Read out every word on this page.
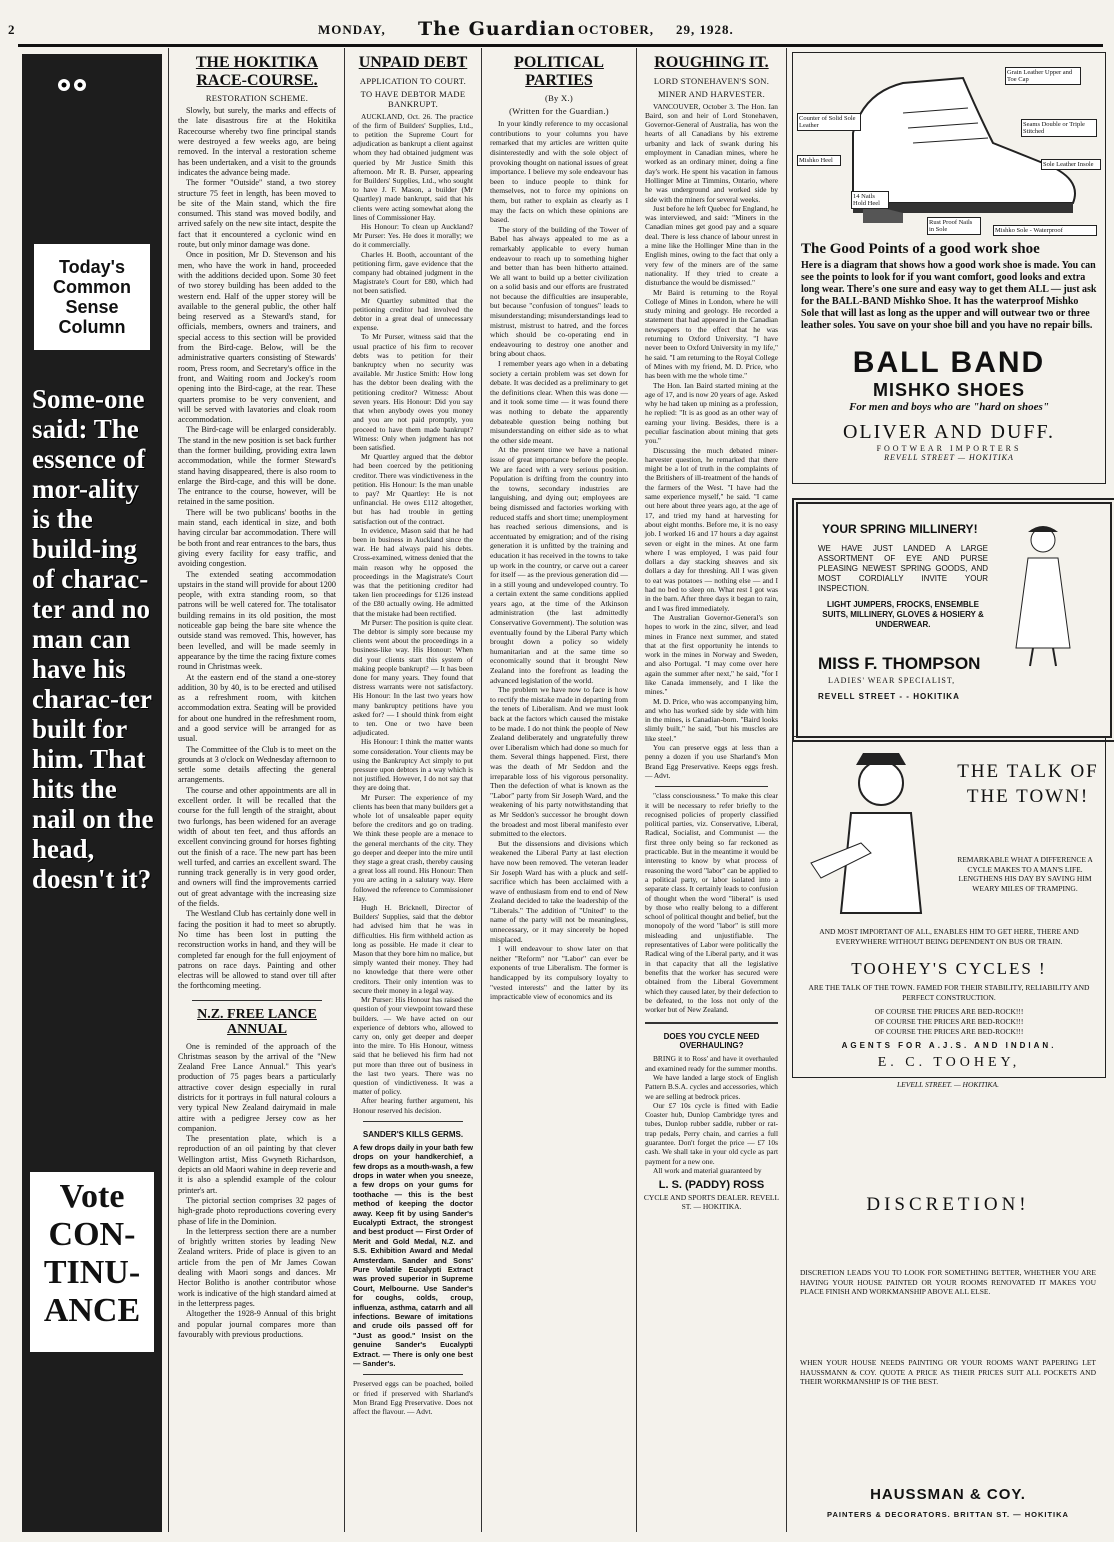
2	MONDAY, The Guardian OCTOBER, 29, 1928.
Today's Common Sense Column
Some-one said: The essence of mor-ality is the build-ing of charac-ter and no man can have his charac-ter built for him. That hits the nail on the head, doesn't it?
Vote CON-TINU-ANCE
THE HOKITIKA RACE-COURSE.
RESTORATION SCHEME.

Slowly, but surely, the marks and effects of the late disastrous fire at the Hokitika Racecourse whereby two fine principal stands were destroyed a few weeks ago, are being removed. In the interval a restoration scheme has been undertaken, and a visit to the grounds indicates the advance being made.

The former "Outside" stand, a two storey structure 75 feet in length, has been moved to be site of the Main stand, which the fire consumed. This stand was moved bodily, and arrived safely on the new site intact, despite the fact that it encountered a cyclonic wind en route, but only minor damage was done.

Once in position, Mr D. Stevenson and his men, who have the work in hand, proceeded with the additions decided upon. Some 30 feet of two storey building has been added to the western end. Half of the upper storey will be available to the general public, the other half being reserved as a Steward's stand, for officials, members, owners and trainers, and special access to this section will be provided from the Bird-cage. Below, will be the administrative quarters consisting of Stewards' room, Press room, and Secretary's office in the front, and Waiting room and Jockey's room opening into the Bird-cage, at the rear. These quarters promise to be very convenient, and will be served with lavatories and cloak room accommodation.

The Bird-cage will be enlarged considerably. The stand in the new position is set back further than the former building, providing extra lawn accommodation, while the former Steward's stand having disappeared, there is also room to enlarge the Bird-cage, and this will be done. The entrance to the course, however, will be retained in the same position.

There will be two publicans' booths in the main stand, each identical in size, and both having circular bar accommodation. There will be both front and rear entrances to the bars, thus giving every facility for easy traffic, and avoiding congestion.

The extended seating accommodation upstairs in the stand will provide for about 1200 people, with extra standing room, so that patrons will be well catered for. The totalisator building remains in its old position, the most noticeable gap being the bare site whence the outside stand was removed. This, however, has been levelled, and will be made seemly in appearance by the time the racing fixture comes round in Christmas week.

At the eastern end of the stand a one-storey addition, 30 by 40, is to be erected and utilised as a refreshment room, with kitchen accommodation extra. Seating will be provided for about one hundred in the refreshment room, and a good service will be arranged for as usual.

The Committee of the Club is to meet on the grounds at 3 o'clock on Wednesday afternoon to settle some details affecting the general arrangements.

The course and other appointments are all in excellent order. It will be recalled that the course for the full length of the straight, about two furlongs, has been widened for an average width of about ten feet, and thus affords an excellent convincing ground for horses fighting out the finish of a race. The new part has been well turfed, and carries an excellent sward. The running track generally is in very good order, and owners will find the improvements carried out of great advantage with the increasing size of the fields.

The Westland Club has certainly done well in facing the position it had to meet so abruptly. No time has been lost in putting the reconstruction works in hand, and they will be completed far enough for the full enjoyment of patrons on race days. Painting and other electras will be allowed to stand over till after the forthcoming meeting.

N.Z. FREE LANCE ANNUAL

One is reminded of the approach of the Christmas season by the arrival of the "New Zealand Free Lance Annual." This year's production of 75 pages bears a particularly attractive cover design especially in rural districts for it portrays in full natural colours a very typical New Zealand dairymaid in male attire with a pedigree Jersey cow as her companion.

The presentation plate, which is a reproduction of an oil painting by that clever Wellington artist, Miss Gwyneth Richardson, depicts an old Maori wahine in deep reverie and it is also a splendid example of the colour printer's art.

The pictorial section comprises 32 pages of high-grade photo reproductions covering every phase of life in the Dominion.

In the letterpress section there are a number of brightly written stories by leading New Zealand writers. Pride of place is given to an article from the pen of Mr James Cowan dealing with Maori songs and dances. Mr Hector Bolitho is another contributor whose work is indicative of the high standard aimed at in the letterpress pages.

Altogether the 1928-9 Annual of this bright and popular journal compares more than favourably with previous productions.

UNPAID DEBT
APPLICATION TO COURT.
TO HAVE DEBTOR MADE BANKRUPT.

AUCKLAND, Oct. 26. The practice of the firm of Builders' Supplies, Ltd., to petition the Supreme Court for adjudication as bankrupt a client against whom they had obtained judgment was queried by Mr Justice Smith this afternoon. Mr R. B. Purser, appearing for Builders' Supplies, Ltd., who sought to have J. F. Mason, a builder (Mr Quartley) made bankrupt, said that his clients were acting somewhat along the lines of Commissioner Hay.

His Honour: To clean up Auckland? Mr Purser: Yes. He does it morally; we do it commercially.

Charles H. Booth, accountant of the petitioning firm, gave evidence that the company had obtained judgment in the Magistrate's Court for £80, which had not been satisfied.

Mr Quartley submitted that the petitioning creditor had involved the debtor in a great deal of unnecessary expense.

To Mr Purser, witness said that the usual practice of his firm to recover debts was to petition for their bankruptcy when no security was available. Mr Justice Smith: How long has the debtor been dealing with the petitioning creditor? Witness: About seven years. His Honour: Did you say that when anybody owes you money and you are not paid promptly, you proceed to have them made bankrupt? Witness: Only when judgment has not been satisfied.

Mr Quartley argued that the debtor had been coerced by the petitioning creditor. There was vindictiveness in the petition. His Honour: Is the man unable to pay? Mr Quartley: He is not unfinancial. He owes £112 altogether, but has had trouble in getting satisfaction out of the contract.

In evidence, Mason said that he had been in business in Auckland since the war. He had always paid his debts. Cross-examined, witness denied that the main reason why he opposed the proceedings in the Magistrate's Court was that the petitioning creditor had taken lien proceedings for £126 instead of the £80 actually owing. He admitted that the mistake had been rectified.

Mr Purser: The position is quite clear. The debtor is simply sore because my clients went about the proceedings in a business-like way. His Honour: When did your clients start this system of making people bankrupt? — It has been done for many years. They found that distress warrants were not satisfactory. His Honour: In the last two years how many bankruptcy petitions have you asked for? — I should think from eight to ten. One or two have been adjudicated.

His Honour: I think the matter wants some consideration. Your clients may be using the Bankruptcy Act simply to put pressure upon debtors in a way which is not justified. However, I do not say that they are doing that.

Mr Purser: The experience of my clients has been that many builders get a whole lot of unsaleable paper equity before the creditors and go on trading. We think these people are a menace to the general merchants of the city. They go deeper and deeper into the mire until they stage a great crash, thereby causing a great loss all round. His Honour: Then you are acting in a salutary way. Here followed the reference to Commissioner Hay.

Hugh H. Bricknell, Director of Builders' Supplies, said that the debtor had advised him that he was in difficulties. His firm withheld action as long as possible. He made it clear to Mason that they bore him no malice, but simply wanted their money. They had no knowledge that there were other creditors. Their only intention was to secure their money in a legal way.

Mr Purser: His Honour has raised the question of your viewpoint toward these builders. — We have acted on our experience of debtors who, allowed to carry on, only get deeper and deeper into the mire. To His Honour, witness said that he believed his firm had not put more than three out of business in the last two years. There was no question of vindictiveness. It was a matter of policy.

After hearing further argument, his Honour reserved his decision.

SANDER'S KILLS GERMS.
A few drops daily in your bath few drops on your handkerchief, a few drops as a mouth-wash, a few drops in water when you sneeze, a few drops on your gums for toothache — this is the best method of keeping the doctor away. Keep fit by using Sander's Eucalypti Extract, the strongest and best product — First Order of Merit and Gold Medal, N.Z. and S.S. Exhibition Award and Medal Amsterdam. Sander and Sons' Pure Volatile Eucalypti Extract was proved superior in Supreme Court, Melbourne. Use Sander's for coughs, colds, croup, influenza, asthma, catarrh and all infections. Beware of imitations and crude oils passed off for "Just as good." Insist on the genuine Sander's Eucalypti Extract. — There is only one best — Sander's.
Preserved eggs can be poached, boiled or fried if preserved with Sharland's Mon Brand Egg Preservative. Does not affect the flavour. — Advt.
POLITICAL PARTIES
(By X.)
(Written for the Guardian.)

In your kindly reference to my occasional contributions to your columns you have remarked that my articles are written quite disinterestedly and with the sole object of provoking thought on national issues of great importance. I believe my sole endeavour has been to induce people to think for themselves, not to force my opinions on them, but rather to explain as clearly as I may the facts on which these opinions are based.

The story of the building of the Tower of Babel has always appealed to me as a remarkably applicable to every human endeavour to reach up to something higher and better than has been hitherto attained. We all want to build up a better civilization on a solid basis and our efforts are frustrated not because the difficulties are insuperable, but because "confusion of tongues" leads to misunderstanding; misunderstandings lead to mistrust, mistrust to hatred, and the forces which should be co-operating end in endeavouring to destroy one another and bring about chaos.

I remember years ago when in a debating society a certain problem was set down for debate. It was decided as a preliminary to get the definitions clear. When this was done — and it took some time — it was found there was nothing to debate the apparently debateable question being nothing but misunderstanding on either side as to what the other side meant.

At the present time we have a national issue of great importance before the people. We are faced with a very serious position. Population is drifting from the country into the towns, secondary industries are languishing, and dying out; employees are being dismissed and factories working with reduced staffs and short time; unemployment has reached serious dimensions, and is accentuated by emigration; and of the rising generation it is unfitted by the training and education it has received in the towns to take up work in the country, or carve out a career for itself — as the previous generation did — in a still young and undeveloped country. To a certain extent the same conditions applied years ago, at the time of the Atkinson administration (the last admittedly Conservative Government). The solution was eventually found by the Liberal Party which brought down a policy so widely humanitarian and at the same time so economically sound that it brought New Zealand into the forefront as leading the advanced legislation of the world.

The problem we have now to face is how to rectify the mistake made in departing from the tenets of Liberalism. And we must look back at the factors which caused the mistake to be made. I do not think the people of New Zealand deliberately and ungratefully threw over Liberalism which had done so much for them. Several things happened. First, there was the death of Mr Seddon and the irreparable loss of his vigorous personality. Then the defection of what is known as the "Labor" party from Sir Joseph Ward, and the weakening of his party notwithstanding that as Mr Seddon's successor he brought down the broadest and most liberal manifesto ever submitted to the electors.

But the dissensions and divisions which weakened the Liberal Party at last election have now been removed. The veteran leader Sir Joseph Ward has with a pluck and self-sacrifice which has been acclaimed with a wave of enthusiasm from end to end of New Zealand decided to take the leadership of the "Liberals." The addition of "United" to the name of the party will not be meaningless, unnecessary, or it may sincerely be hoped misplaced.

I will endeavour to show later on that neither "Reform" nor "Labor" can ever be exponents of true Liberalism. The former is handicapped by its compulsory loyalty to "vested interests" and the latter by its impracticable view of economics and its

ROUGHING IT.
LORD STONEHAVEN'S SON.
MINER AND HARVESTER.

VANCOUVER, October 3. The Hon. Ian Baird, son and heir of Lord Stonehaven, Governor-General of Australia, has won the hearts of all Canadians by his extreme urbanity and lack of swank during his employment in Canadian mines, where he worked as an ordinary miner, doing a fine day's work. He spent his vacation in famous Hollinger Mine at Timmins, Ontario, where he was underground and worked side by side with the miners for several weeks.

Just before he left Quebec for England, he was interviewed, and said: "Miners in the Canadian mines get good pay and a square deal. There is less chance of labour unrest in a mine like the Hollinger Mine than in the English mines, owing to the fact that only a very few of the miners are of the same nationality. If they tried to create a disturbance the would be dismissed."

Mr Baird is returning to the Royal College of Mines in London, where he will study mining and geology. He recorded a statement that had appeared in the Canadian newspapers to the effect that he was returning to Oxford University. "I have never been to Oxford University in my life," he said. "I am returning to the Royal College of Mines with my friend, M. D. Price, who has been with me the whole time."

The Hon. Ian Baird started mining at the age of 17, and is now 20 years of age. Asked why he had taken up mining as a profession, he replied: "It is as good as an other way of earning your living. Besides, there is a peculiar fascination about mining that gets you."

Discussing the much debated miner-harvester question, he remarked that there might be a lot of truth in the complaints of the Britishers of ill-treatment of the hands of the farmers of the West. "I have had the same experience myself," he said. "I came out here about three years ago, at the age of 17, and tried my hand at harvesting for about eight months. Before me, it is no easy job. I worked 16 and 17 hours a day against seven or eight in the mines. At one farm where I was employed, I was paid four dollars a day stacking sheaves and six dollars a day for threshing. All I was given to eat was potatoes — nothing else — and I had no bed to sleep on. What rest I got was in the barn. After three days it began to rain, and I was fired immediately.

The Australian Governor-General's son hopes to work in the zinc, silver, and lead mines in France next summer, and stated that at the first opportunity he intends to work in the mines in Norway and Sweden, and also Portugal. "I may come over here again the summer after next," he said, "for I like Canada immensely, and I like the mines."

M. D. Price, who was accompanying him, and who has worked side by side with him in the mines, is Canadian-born. "Baird looks slimly built," he said, "but his muscles are like steel."

You can preserve eggs at less than a penny a dozen if you use Sharland's Mon Brand Egg Preservative. Keeps eggs fresh. — Advt.

"class consciousness." To make this clear it will be necessary to refer briefly to the recognised policies of properly classified political parties, viz. Conservative, Liberal, Radical, Socialist, and Communist — the first three only being so far reckoned as practicable. But in the meantime it would be interesting to know by what process of reasoning the word "labor" can be applied to a political party, or labor isolated into a separate class. It certainly leads to confusion of thought when the word "liberal" is used by those who really belong to a different school of political thought and belief, but the monopoly of the word "labor" is still more misleading and unjustifiable. The representatives of Labor were politically the Radical wing of the Liberal party, and it was in that capacity that all the legislative benefits that the worker has secured were obtained from the Liberal Government which they caused later, by their defection to be defeated, to the loss not only of the worker but of New Zealand.

DOES YOU CYCLE NEED OVERHAULING?

BRING it to Ross' and have it overhauled and examined ready for the summer months.

We have landed a large stock of English Pattern B.S.A. cycles and accessories, which we are selling at bedrock prices.

Our £7 10s cycle is fitted with Eadie Coaster hub, Dunlop Cambridge tyres and tubes, Dunlop rubber saddle, rubber or rat-trap pedals, Perry chain, and carries a full guarantee. Don't forget the price — £7 10s cash. We shall take in your old cycle as part payment for a new one.

All work and material guaranteed by

L. S. (PADDY) ROSS
CYCLE AND SPORTS DEALER. REVELL ST. — HOKITIKA.
Counter of Solid Sole Leather
Grain Leather Upper and Toe Cap
Seams Double or Triple Stitched
Mishko Heel
Sole Leather Insole
14 Nails Hold Heel
Rust Proof Nails in Sole	Mishko Sole - Waterproof
The Good Points of a good work shoe
Here is a diagram that shows how a good work shoe is made. You can see the points to look for if you want comfort, good looks and extra long wear. There's one sure and easy way to get them ALL — just ask for the BALL-BAND Mishko Shoe. It has the waterproof Mishko Sole that will last as long as the upper and will outwear two or three leather soles. You save on your shoe bill and you have no repair bills.
BALL BAND
MISHKO SHOES
For men and boys who are "hard on shoes"
OLIVER AND DUFF.
FOOTWEAR IMPORTERS
REVELL STREET — HOKITIKA
YOUR SPRING MILLINERY!
WE HAVE JUST LANDED A LARGE ASSORTMENT OF EYE AND PURSE PLEASING NEWEST SPRING GOODS, AND MOST CORDIALLY INVITE YOUR INSPECTION.
LIGHT JUMPERS, FROCKS, ENSEMBLE SUITS, MILLINERY, GLOVES & HOSIERY & UNDERWEAR.
MISS F. THOMPSON
LADIES' WEAR SPECIALIST,
REVELL STREET - - HOKITIKA
THE TALK OF THE TOWN!
REMARKABLE WHAT A DIFFERENCE A CYCLE MAKES TO A MAN'S LIFE. LENGTHENS HIS DAY BY SAVING HIM WEARY MILES OF TRAMPING.
AND MOST IMPORTANT OF ALL, ENABLES HIM TO GET HERE, THERE AND EVERYWHERE WITHOUT BEING DEPENDENT ON BUS OR TRAIN.
TOOHEY'S CYCLES !
ARE THE TALK OF THE TOWN. FAMED FOR THEIR STABILITY, RELIABILITY AND PERFECT CONSTRUCTION.
OF COURSE THE PRICES ARE BED-ROCK!!!
OF COURSE THE PRICES ARE BED-ROCK!!!
OF COURSE THE PRICES ARE BED-ROCK!!!
AGENTS FOR A.J.S. AND INDIAN.
E. C. TOOHEY,
LEVELL STREET. — HOKITIKA.
DISCRETION!
DISCRETION LEADS YOU TO LOOK FOR SOMETHING BETTER, WHETHER YOU ARE HAVING YOUR HOUSE PAINTED OR YOUR ROOMS RENOVATED IT MAKES YOU PLACE FINISH AND WORKMANSHIP ABOVE ALL ELSE.
WHEN YOUR HOUSE NEEDS PAINTING OR YOUR ROOMS WANT PAPERING LET HAUSSMANN & COY. QUOTE A PRICE AS THEIR PRICES SUIT ALL POCKETS AND THEIR WORKMANSHIP IS OF THE BEST.
HAUSSMAN & COY.
PAINTERS & DECORATORS. BRITTAN ST. — HOKITIKA
